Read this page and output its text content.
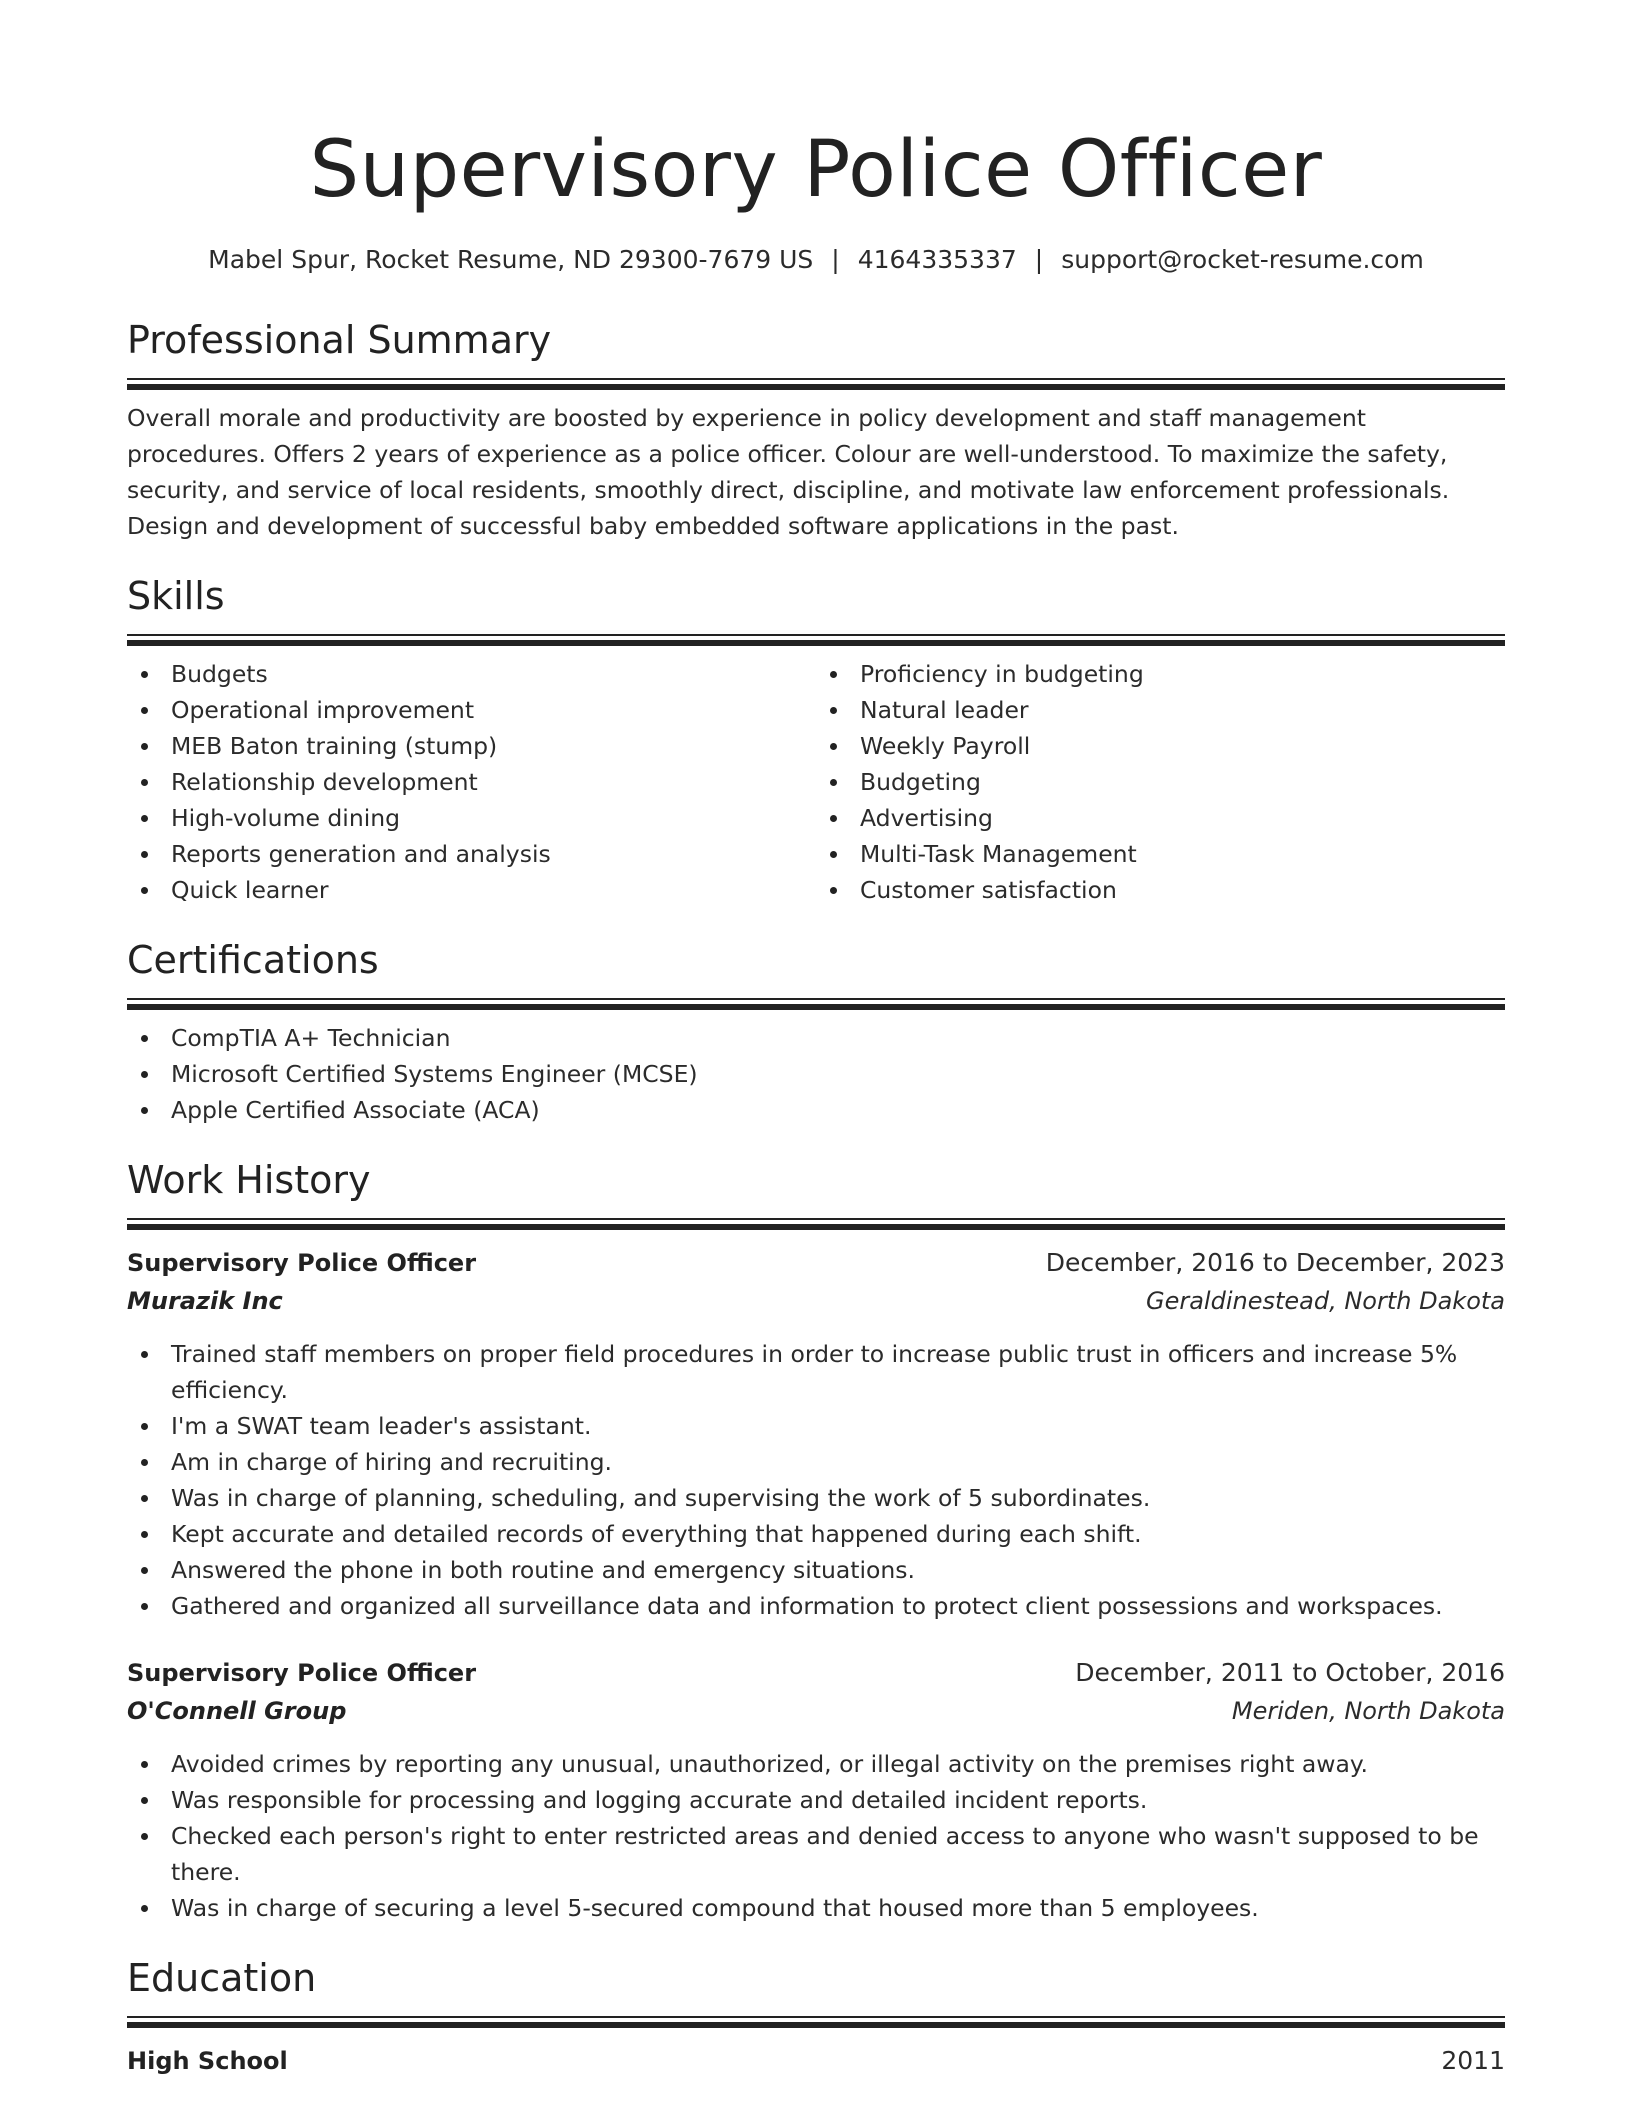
Supervisory Police Officer
Mabel Spur, Rocket Resume, ND 29300-7679 US | 4164335337 | support@rocket-resume.com
Professional Summary
Overall morale and productivity are boosted by experience in policy development and staff management procedures. Offers 2 years of experience as a police officer. Colour are well-understood. To maximize the safety, security, and service of local residents, smoothly direct, discipline, and motivate law enforcement professionals. Design and development of successful baby embedded software applications in the past.
Skills
Budgets
Operational improvement
MEB Baton training (stump)
Relationship development
High-volume dining
Reports generation and analysis
Quick learner
Proficiency in budgeting
Natural leader
Weekly Payroll
Budgeting
Advertising
Multi-Task Management
Customer satisfaction
Certifications
CompTIA A+ Technician
Microsoft Certified Systems Engineer (MCSE)
Apple Certified Associate (ACA)
Work History
Supervisory Police Officer	December, 2016 to December, 2023
Murazik Inc	Geraldinestead, North Dakota
Trained staff members on proper field procedures in order to increase public trust in officers and increase 5% efficiency.
I'm a SWAT team leader's assistant.
Am in charge of hiring and recruiting.
Was in charge of planning, scheduling, and supervising the work of 5 subordinates.
Kept accurate and detailed records of everything that happened during each shift.
Answered the phone in both routine and emergency situations.
Gathered and organized all surveillance data and information to protect client possessions and workspaces.
Supervisory Police Officer	December, 2011 to October, 2016
O'Connell Group	Meriden, North Dakota
Avoided crimes by reporting any unusual, unauthorized, or illegal activity on the premises right away.
Was responsible for processing and logging accurate and detailed incident reports.
Checked each person's right to enter restricted areas and denied access to anyone who wasn't supposed to be there.
Was in charge of securing a level 5-secured compound that housed more than 5 employees.
Education
High School	2011
